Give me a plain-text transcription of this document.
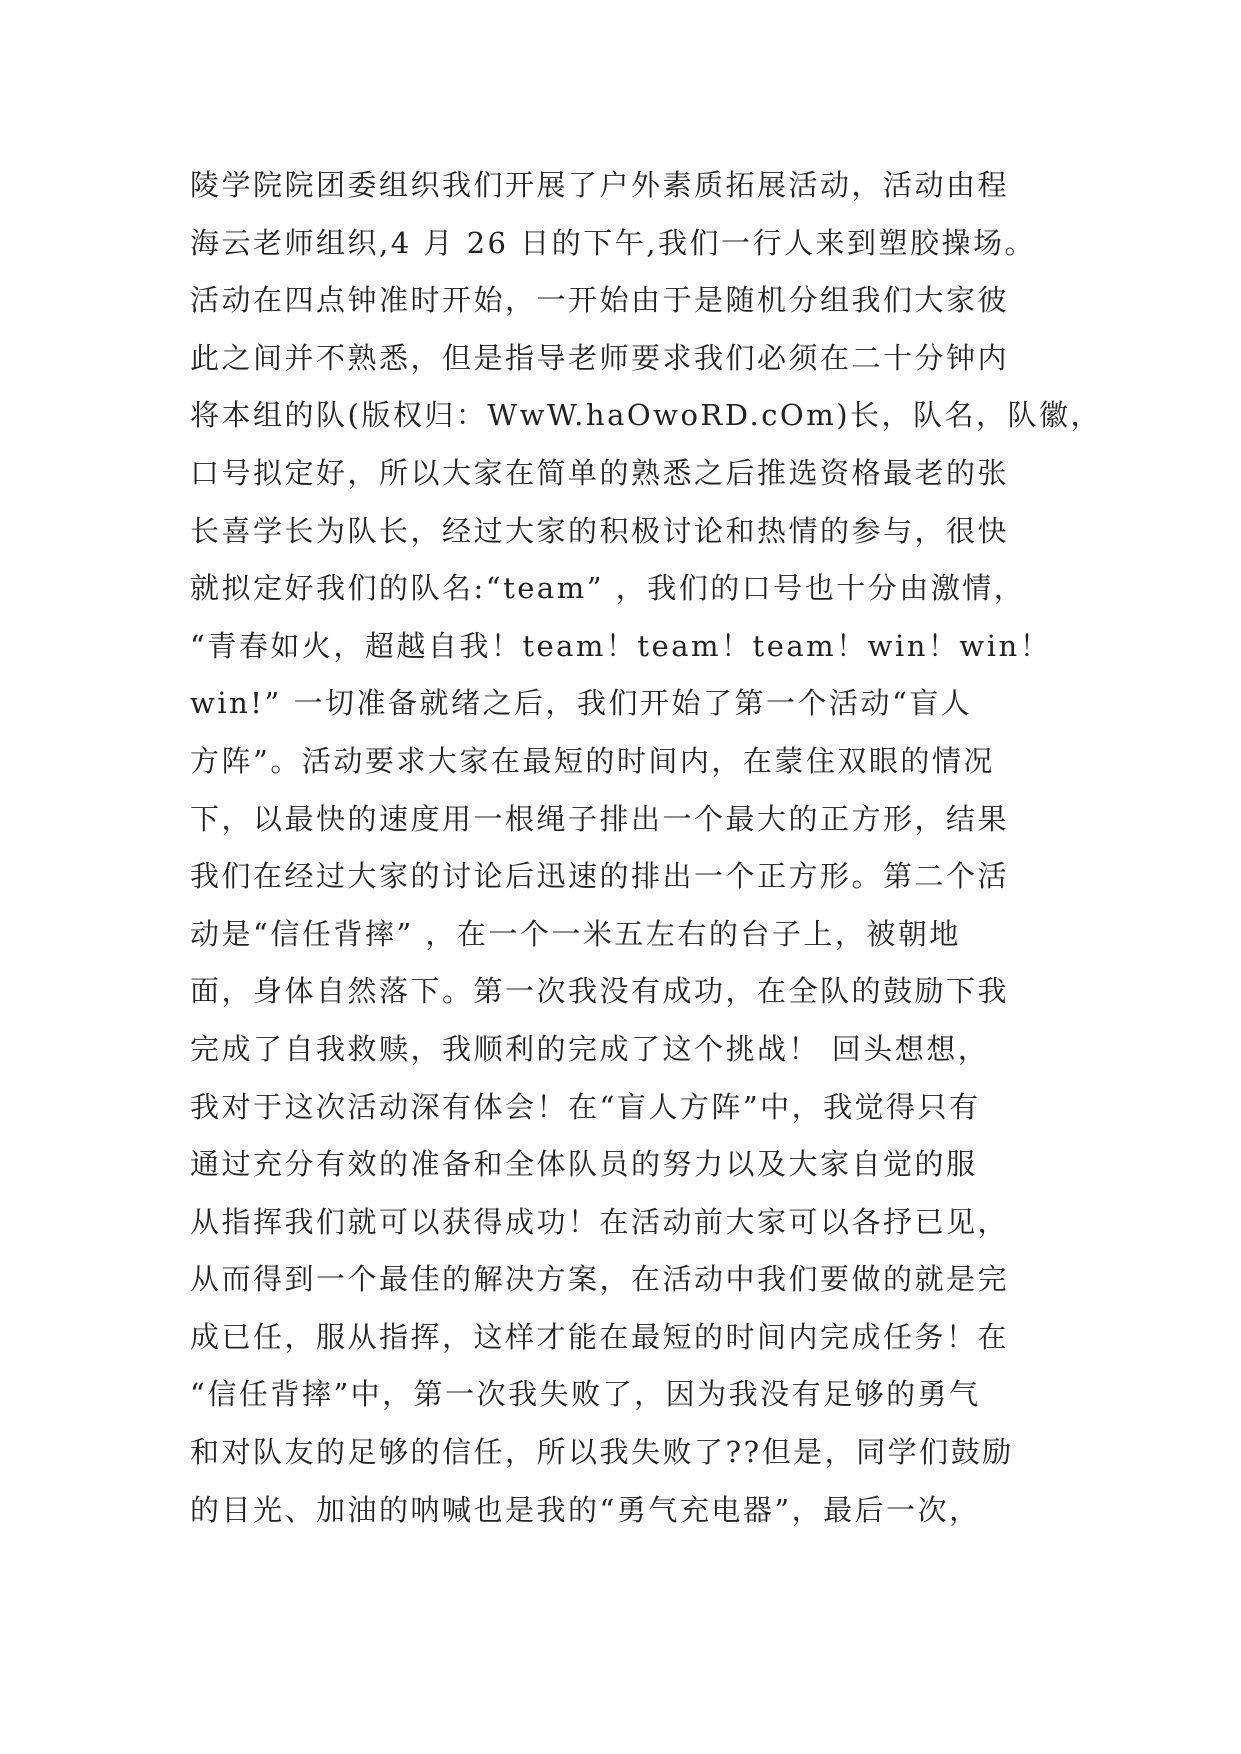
陵学院院团委组织我们开展了户外素质拓展活动，活动由程
海云老师组织,4 月 26 日的下午,我们一行人来到塑胶操场。
活动在四点钟准时开始，一开始由于是随机分组我们大家彼
此之间并不熟悉，但是指导老师要求我们必须在二十分钟内
将本组的队(版权归：WwW.haOwoRD.cOm)长，队名，队徽，
口号拟定好，所以大家在简单的熟悉之后推选资格最老的张
长喜学长为队长，经过大家的积极讨论和热情的参与，很快
就拟定好我们的队名:“team” ，我们的口号也十分由激情，
“青春如火，超越自我！team！team！team！win！win！
win!” 一切准备就绪之后，我们开始了第一个活动“盲人
方阵”。活动要求大家在最短的时间内，在蒙住双眼的情况
下，以最快的速度用一根绳子排出一个最大的正方形，结果
我们在经过大家的讨论后迅速的排出一个正方形。第二个活
动是“信任背摔” ，在一个一米五左右的台子上，被朝地
面，身体自然落下。第一次我没有成功，在全队的鼓励下我
完成了自我救赎，我顺利的完成了这个挑战！ 回头想想，
我对于这次活动深有体会！在“盲人方阵”中，我觉得只有
通过充分有效的准备和全体队员的努力以及大家自觉的服
从指挥我们就可以获得成功！在活动前大家可以各抒已见，
从而得到一个最佳的解决方案，在活动中我们要做的就是完
成已任，服从指挥，这样才能在最短的时间内完成任务！在
“信任背摔”中，第一次我失败了，因为我没有足够的勇气
和对队友的足够的信任，所以我失败了??但是，同学们鼓励
的目光、加油的呐喊也是我的“勇气充电器”，最后一次，
